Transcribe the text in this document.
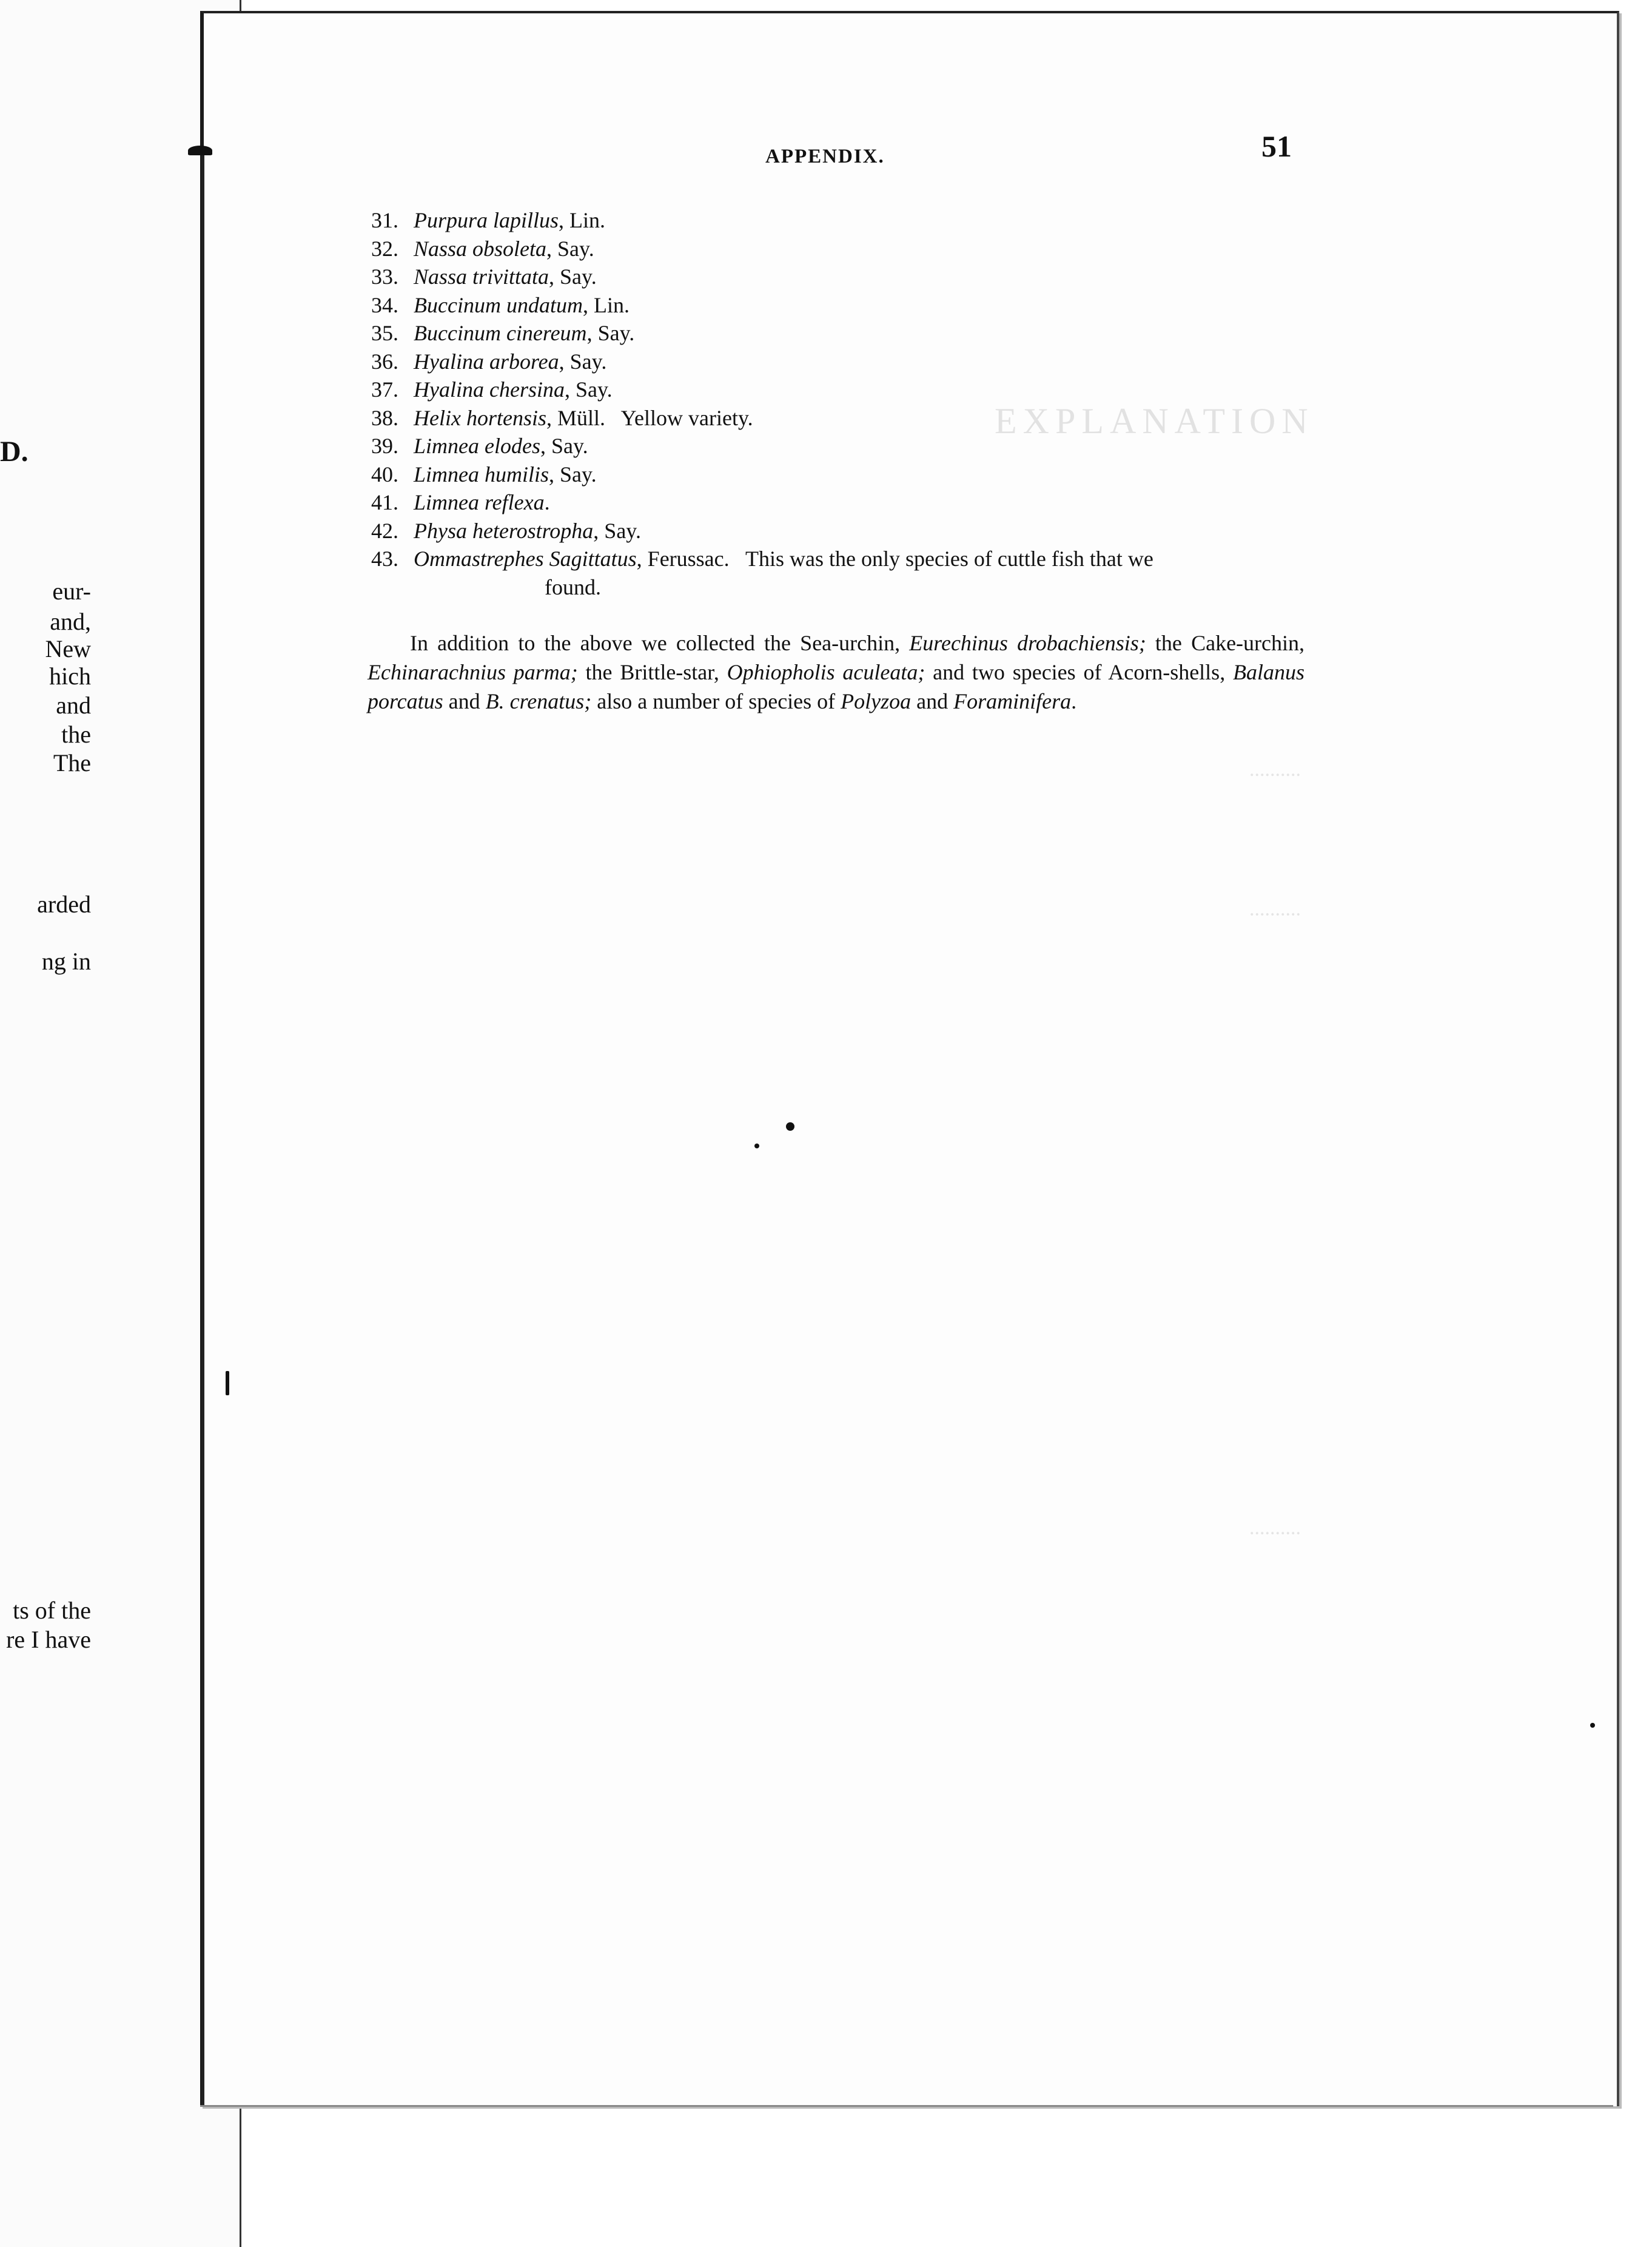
EXPLANATION
..........
..........
..........
D.
eur-
and,
New
hich
and
the
The
arded
ng in
ts of the
re I have
APPENDIX.	51
31. Purpura lapillus , Lin.
32. Nassa obsoleta , Say.
33. Nassa trivittata , Say.
34. Buccinum undatum , Lin.
35. Buccinum cinereum , Say.
36. Hyalina arborea , Say.
37. Hyalina chersina , Say.
38. Helix hortensis , Müll.   Yellow variety.
39. Limnea elodes , Say.
40. Limnea humilis , Say.
41. Limnea reflexa .
42. Physa heterostropha , Say.
43. Ommastrephes Sagittatus , Ferussac.   This was the only species of cuttle fish that we
found.

In addition to the above we collected the Sea-urchin, Eurechinus drobachiensis; the Cake-urchin, Echinarachnius parma; the Brittle-star, Ophiopholis aculeata; and two species of Acorn-shells, Balanus porcatus and B. crenatus; also a number of species of Polyzoa and Foraminifera.
